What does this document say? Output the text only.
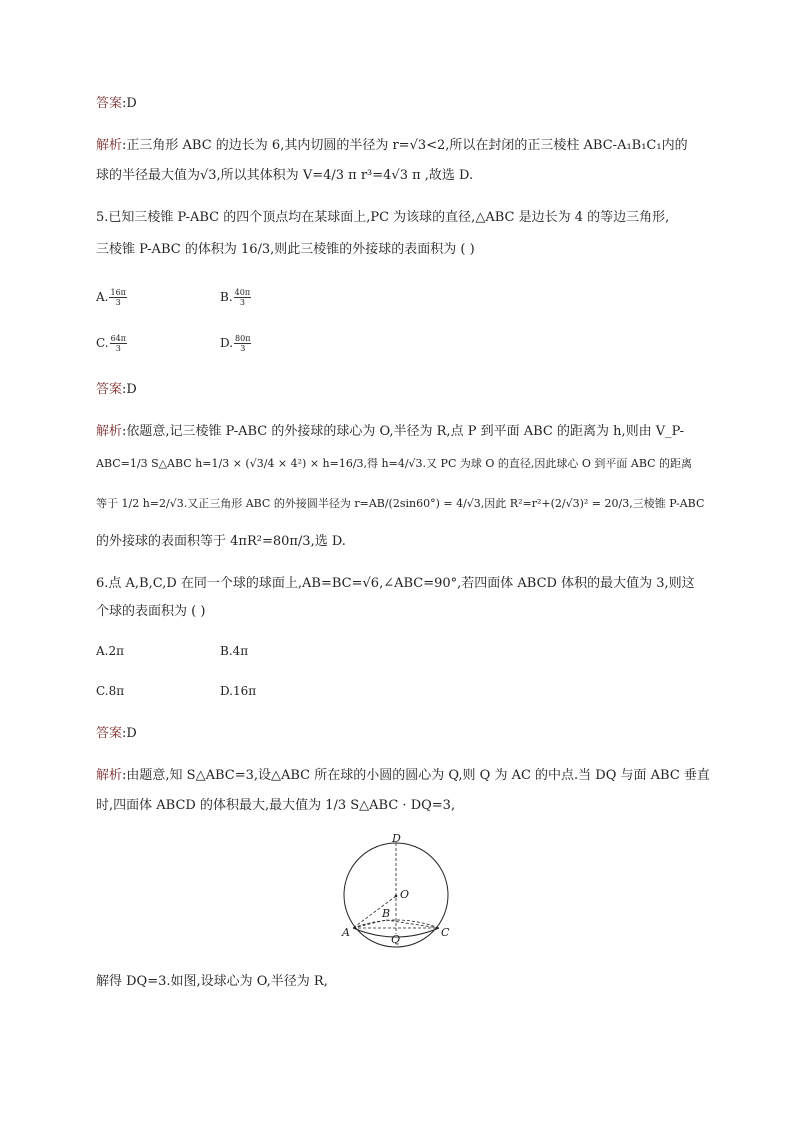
答案:D
解析:正三角形 ABC 的边长为 6,其内切圆的半径为 r=√3<2,所以在封闭的正三棱柱 ABC-A₁B₁C₁内的
球的半径最大值为√3,所以其体积为 V=4/3 π r³=4√3 π ,故选 D.
5.已知三棱锥 P-ABC 的四个顶点均在某球面上,PC 为该球的直径,△ABC 是边长为 4 的等边三角形,
三棱锥 P-ABC 的体积为 16/3,则此三棱锥的外接球的表面积为 ( )
A. $\frac{16\pi}{3}$	B. $\frac{40\pi}{3}$
C. $\frac{64\pi}{3}$	D. $\frac{80\pi}{3}$
答案:D
解析:依题意,记三棱锥 P-ABC 的外接球的球心为 O,半径为 R,点 P 到平面 ABC 的距离为 h,则由 V_P-
ABC=1/3 S△ABC h=1/3 × (√3/4 × 4²) × h=16/3,得 h=4/√3.又 PC 为球 O 的直径,因此球心 O 到平面 ABC 的距离
等于 1/2 h=2/√3.又正三角形 ABC 的外接圆半径为 r=AB/(2sin60°) = 4/√3,因此 R²=r²+(2/√3)² = 20/3,三棱锥 P-ABC
的外接球的表面积等于 4πR²=80π/3,选 D.
6.点 A,B,C,D 在同一个球的球面上,AB=BC=√6,∠ABC=90°,若四面体 ABCD 体积的最大值为 3,则这
个球的表面积为 ( )
A.2π	B.4π
C.8π	D.16π
答案:D
解析:由题意,知 S△ABC=3,设△ABC 所在球的小圆的圆心为 Q,则 Q 为 AC 的中点.当 DQ 与面 ABC 垂直
时,四面体 ABCD 的体积最大,最大值为 1/3 S△ABC · DQ=3,
D
O
B
A
Q
C
解得 DQ=3.如图,设球心为 O,半径为 R,
